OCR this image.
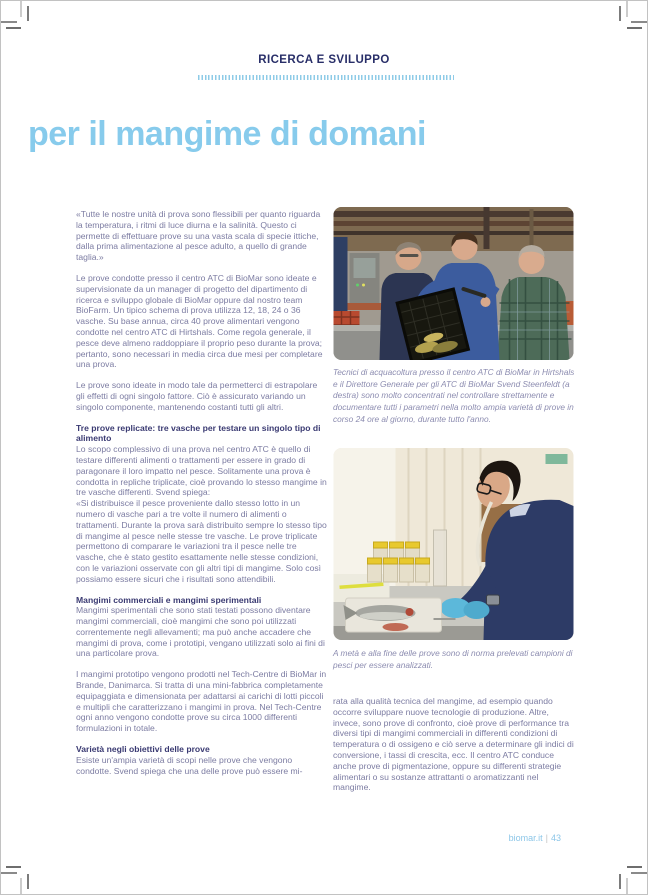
RICERCA E SVILUPPO
per il mangime di domani

«Tutte le nostre unità di prova sono flessibili per quanto riguarda la temperatura, i ritmi di luce diurna e la salinità. Questo ci permette di effettuare prove su una vasta scala di specie ittiche, dalla prima alimentazione al pesce adulto, a quello di grande taglia.»

Le prove condotte presso il centro ATC di BioMar sono ideate e supervisionate da un manager di progetto del dipartimento di ricerca e sviluppo globale di BioMar oppure dal nostro team BioFarm. Un tipico schema di prova utilizza 12, 18, 24 o 36 vasche. Su base annua, circa 40 prove alimentari vengono condotte nel centro ATC di Hirtshals. Come regola generale, il pesce deve almeno raddoppiare il proprio peso durante la prova; pertanto, sono necessari in media circa due mesi per completare una prova.

Le prove sono ideate in modo tale da permetterci di estrapolare gli effetti di ogni singolo fattore. Ciò è assicurato variando un singolo componente, mantenendo costanti tutti gli altri.

Tre prove replicate: tre vasche per testare un singolo tipo di alimento

Lo scopo complessivo di una prova nel centro ATC è quello di testare differenti alimenti o trattamenti per essere in grado di paragonare il loro impatto nel pesce. Solitamente una prova è condotta in repliche triplicate, cioè provando lo stesso mangime in tre vasche differenti. Svend spiega:

«Si distribuisce il pesce proveniente dallo stesso lotto in un numero di vasche pari a tre volte il numero di alimenti o trattamenti. Durante la prova sarà distribuito sempre lo stesso tipo di mangime al pesce nelle stesse tre vasche. Le prove triplicate permettono di comparare le variazioni tra il pesce nelle tre vasche, che è stato gestito esattamente nelle stesse condizioni, con le variazioni osservate con gli altri tipi di mangime. Solo così possiamo essere sicuri che i risultati sono attendibili.

Mangimi commerciali e mangimi sperimentali

Mangimi sperimentali che sono stati testati possono diventare mangimi commerciali, cioè mangimi che sono poi utilizzati correntemente negli allevamenti; ma può anche accadere che mangimi di prova, come i prototipi, vengano utilizzati solo ai fini di una particolare prova.

I mangimi prototipo vengono prodotti nel Tech-Centre di BioMar in Brande, Danimarca. Si tratta di una mini-fabbrica completamente equipaggiata e dimensionata per adattarsi ai carichi di lotti piccoli e multipli che caratterizzano i mangimi in prova. Nel Tech-Centre ogni anno vengono condotte prove su circa 1000 differenti formulazioni in totale.

Varietà negli obiettivi delle prove

Esiste un'ampia varietà di scopi nelle prove che vengono condotte. Svend spiega che una delle prove può essere mi-

Tecnici di acquacoltura presso il centro ATC di BioMar in Hirtshals e il Direttore Generale per gli ATC di BioMar Svend Steenfeldt (a destra) sono molto concentrati nel controllare strettamente e documentare tutti i parametri nella molto ampia varietà di prove in corso 24 ore al giorno, durante tutto l'anno.

A metà e alla fine delle prove sono di norma prelevati campioni di pesci per essere analizzati.

rata alla qualità tecnica del mangime, ad esempio quando occorre sviluppare nuove tecnologie di produzione. Altre, invece, sono prove di confronto, cioè prove di performance tra diversi tipi di mangimi commerciali in differenti condizioni di temperatura o di ossigeno e ciò serve a determinare gli indici di conversione, i tassi di crescita, ecc. Il centro ATC conduce anche prove di pigmentazione, oppure su differenti strategie alimentari o su sostanze attrattanti o aromatizzanti nel mangime.

biomar.it | 43
